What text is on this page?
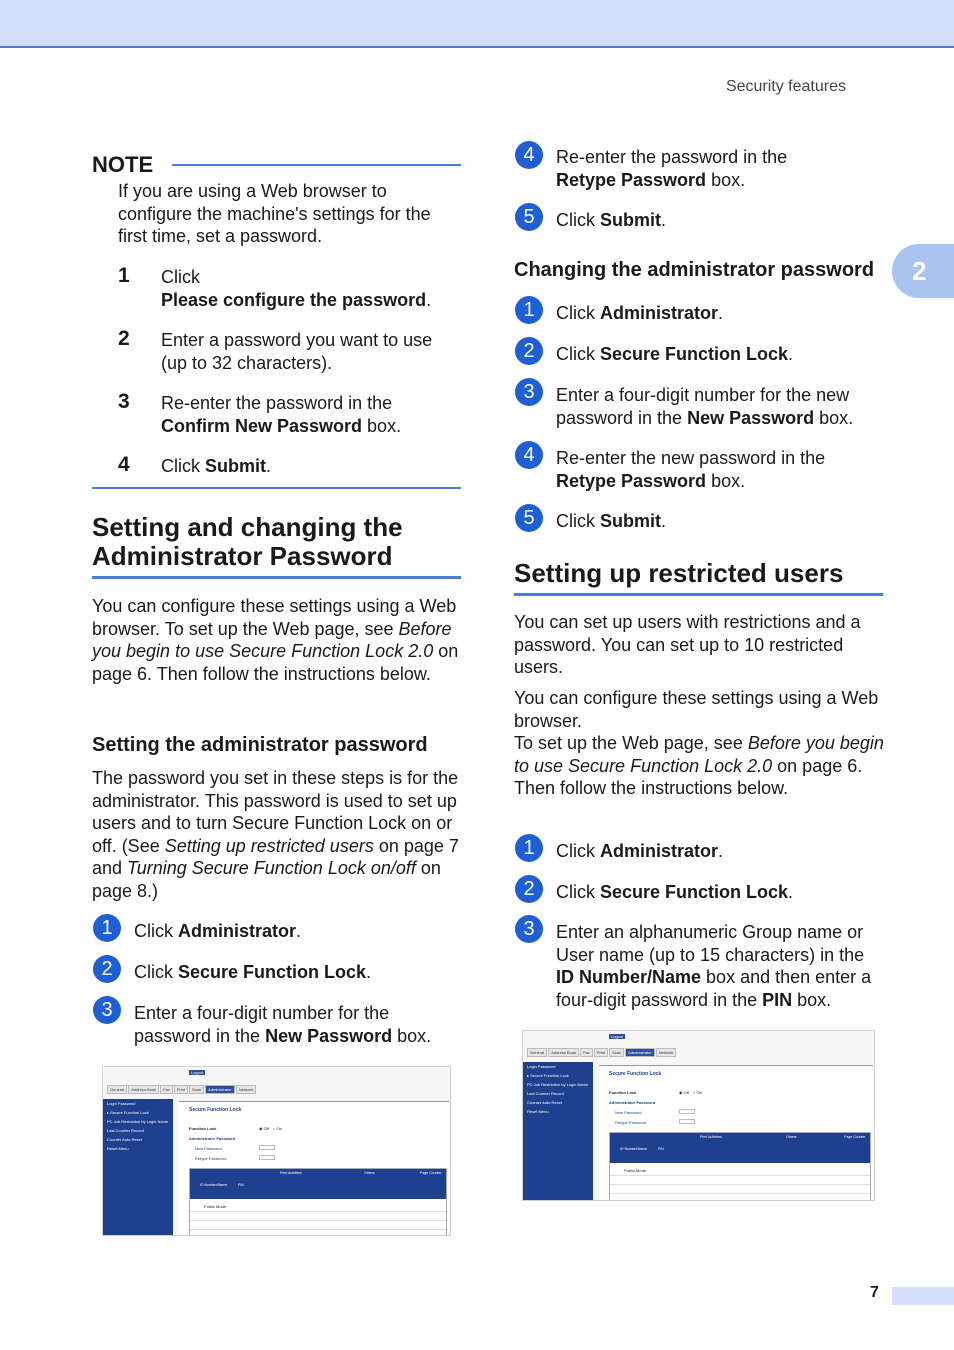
Security features
2
NOTE
If you are using a Web browser to configure the machine's settings for the first time, set a password.
1 Click
Please configure the password.
2 Enter a password you want to use (up to 32 characters).
3 Re-enter the password in the
Confirm New Password box.
4 Click Submit.
Setting and changing the
Administrator Password
You can configure these settings using a Web browser. To set up the Web page, see Before you begin to use Secure Function Lock 2.0 on page 6. Then follow the instructions below.
Setting the administrator password
The password you set in these steps is for the administrator. This password is used to set up users and to turn Secure Function Lock on or off. (See Setting up restricted users on page 7 and Turning Secure Function Lock on/off on page 8.)
1	Click Administrator.
2	Click Secure Function Lock.
3	Enter a four-digit number for the password in the New Password box.
Logout
General	Address Book	Fax	Print	Scan	Administrator	Network
Login Password
▸ Secure Function Lock
PC Job Restriction by Login Name
Last Counter Record
Counter Auto Reset
Reset Menu
Secure Function Lock
Function Lock	◉ Off ○ On
Administrator Password
New Password
Retype Password
ID Number/Name	PIN
Print Activities	Others	Page Counter
Public Mode
4	Re-enter the password in the
Retype Password box.
5	Click Submit.
Changing the administrator password
1	Click Administrator.
2	Click Secure Function Lock.
3	Enter a four-digit number for the new password in the New Password box.
4	Re-enter the new password in the
Retype Password box.
5	Click Submit.
Setting up restricted users
You can set up users with restrictions and a password. You can set up to 10 restricted users.
You can configure these settings using a Web browser.
To set up the Web page, see Before you begin to use Secure Function Lock 2.0 on page 6. Then follow the instructions below.
1	Click Administrator.
2	Click Secure Function Lock.
3	Enter an alphanumeric Group name or User name (up to 15 characters) in the ID Number/Name box and then enter a four-digit password in the PIN box.
Logout
General	Address Book	Fax	Print	Scan	Administrator	Network
Login Password
▸ Secure Function Lock
PC Job Restriction by Login Name
Last Counter Record
Counter Auto Reset
Reset Menu
Secure Function Lock
Function Lock	◉ Off ○ On
Administrator Password
New Password
Retype Password
ID Number/Name	PIN
Print Activities	Others	Page Counter
Public Mode
7
